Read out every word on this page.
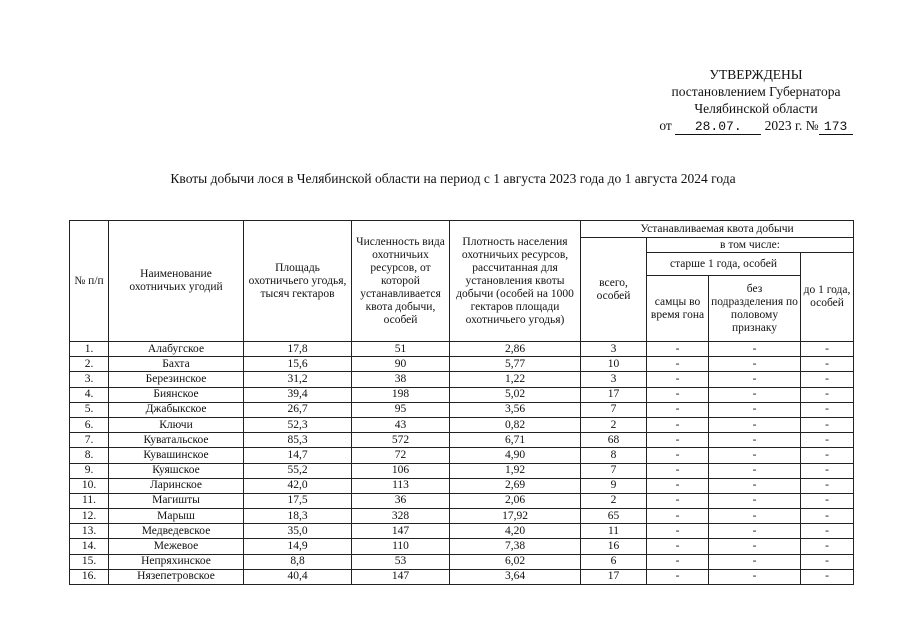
УТВЕРЖДЕНЫ
постановлением Губернатора
Челябинской области
от 28.07. 2023 г. № 173
Квоты добычи лося в Челябинской области на период с 1 августа 2023 года до 1 августа 2024 года
№ п/п	Наименование охотничьих угодий	Площадь охотничьего угодья, тысяч гектаров	Численность вида охотничьих ресурсов, от которой устанавливается квота добычи, особей	Плотность населения охотничьих ресурсов, рассчитанная для установления квоты добычи (особей на 1000 гектаров площади охотничьего угодья)	Устанавливаемая квота добычи			
					всего, особей	в том числе:		
						старше 1 года, особей		до 1 года, особей
						самцы во время гона	без подразделения по половому признаку	
1.	Алабугское	17,8	51	2,86	3	-	-	-
2.	Бахта	15,6	90	5,77	10	-	-	-
3.	Березинское	31,2	38	1,22	3	-	-	-
4.	Биянское	39,4	198	5,02	17	-	-	-
5.	Джабыкское	26,7	95	3,56	7	-	-	-
6.	Ключи	52,3	43	0,82	2	-	-	-
7.	Куватальское	85,3	572	6,71	68	-	-	-
8.	Кувашинское	14,7	72	4,90	8	-	-	-
9.	Куяшское	55,2	106	1,92	7	-	-	-
10.	Ларинское	42,0	113	2,69	9	-	-	-
11.	Магишты	17,5	36	2,06	2	-	-	-
12.	Марыш	18,3	328	17,92	65	-	-	-
13.	Медведевское	35,0	147	4,20	11	-	-	-
14.	Межевое	14,9	110	7,38	16	-	-	-
15.	Непряхинское	8,8	53	6,02	6	-	-	-
16.	Нязепетровское	40,4	147	3,64	17	-	-	-
